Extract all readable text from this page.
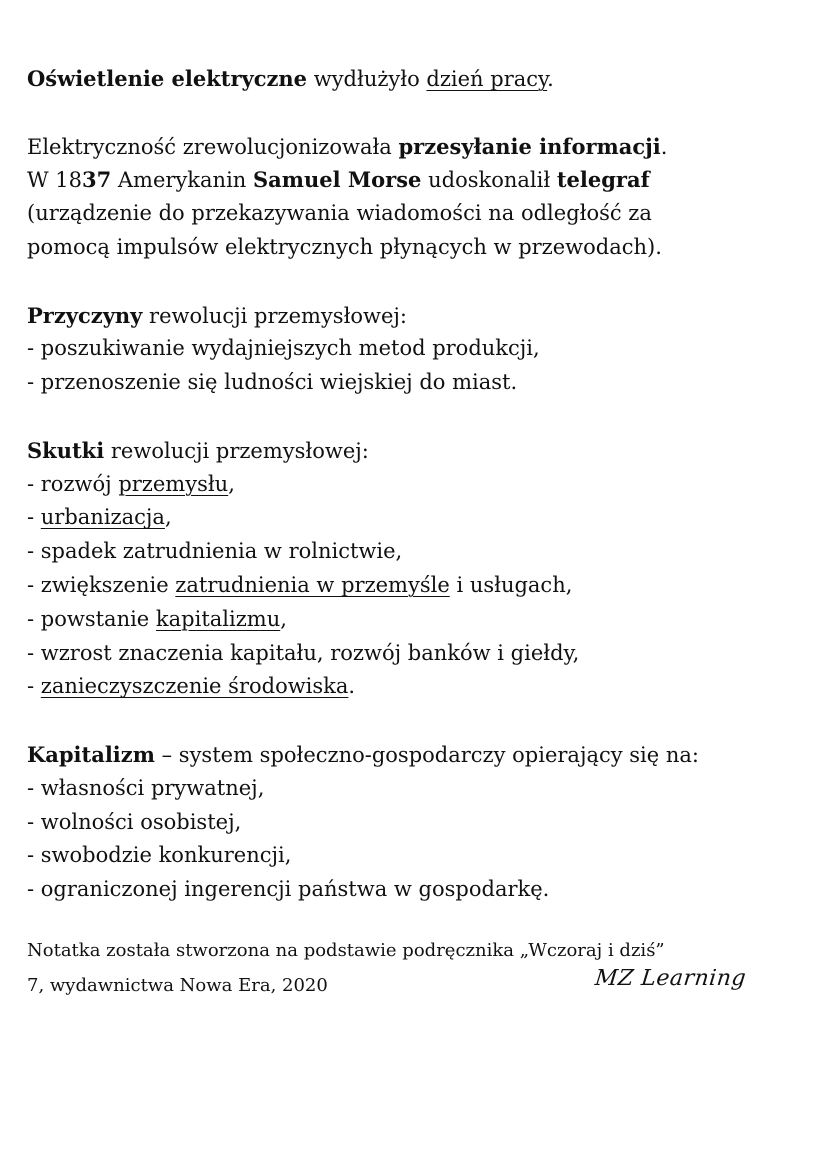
Oświetlenie elektryczne wydłużyło dzień pracy.
Elektryczność zrewolucjonizowała przesyłanie informacji.
W 1837 Amerykanin Samuel Morse udoskonalił telegraf
(urządzenie do przekazywania wiadomości na odległość za
pomocą impulsów elektrycznych płynących w przewodach).
Przyczyny rewolucji przemysłowej:
- poszukiwanie wydajniejszych metod produkcji,
- przenoszenie się ludności wiejskiej do miast.
Skutki rewolucji przemysłowej:
- rozwój przemysłu,
- urbanizacja,
- spadek zatrudnienia w rolnictwie,
- zwiększenie zatrudnienia w przemyśle i usługach,
- powstanie kapitalizmu,
- wzrost znaczenia kapitału, rozwój banków i giełdy,
- zanieczyszczenie środowiska.
Kapitalizm – system społeczno-gospodarczy opierający się na:
- własności prywatnej,
- wolności osobistej,
- swobodzie konkurencji,
- ograniczonej ingerencji państwa w gospodarkę.
Notatka została stworzona na podstawie podręcznika „Wczoraj i dziś”
7, wydawnictwa Nowa Era, 2020	MZ Learning
